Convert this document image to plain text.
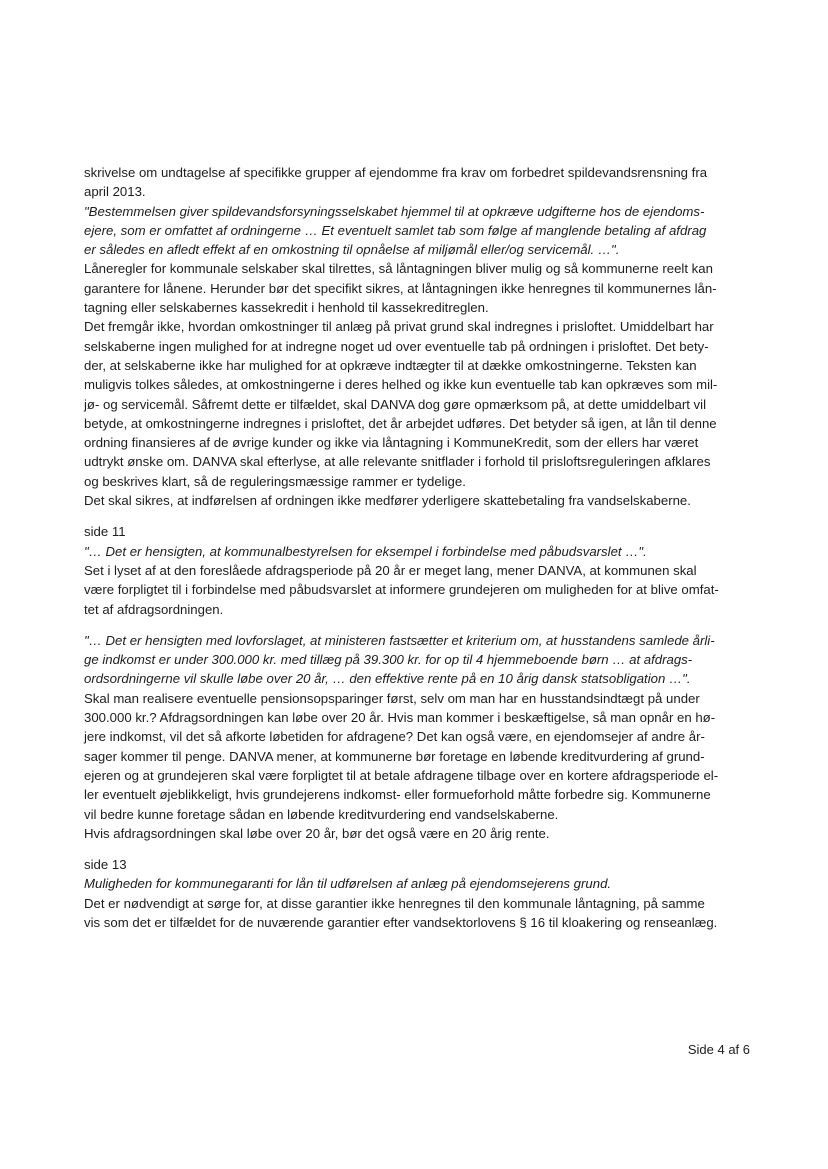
skrivelse om undtagelse af specifikke grupper af ejendomme fra krav om forbedret spildevandsrensning fra

april 2013.

"Bestemmelsen giver spildevandsforsyningsselskabet hjemmel til at opkræve udgifterne hos de ejendoms-

ejere, som er omfattet af ordningerne … Et eventuelt samlet tab som følge af manglende betaling af afdrag

er således en afledt effekt af en omkostning til opnåelse af miljømål eller/og servicemål. …".

Låneregler for kommunale selskaber skal tilrettes, så låntagningen bliver mulig og så kommunerne reelt kan

garantere for lånene. Herunder bør det specifikt sikres, at låntagningen ikke henregnes til kommunernes lån-

tagning eller selskabernes kassekredit i henhold til kassekreditreglen.

Det fremgår ikke, hvordan omkostninger til anlæg på privat grund skal indregnes i prisloftet. Umiddelbart har

selskaberne ingen mulighed for at indregne noget ud over eventuelle tab på ordningen i prisloftet. Det bety-

der, at selskaberne ikke har mulighed for at opkræve indtægter til at dække omkostningerne. Teksten kan

muligvis tolkes således, at omkostningerne i deres helhed og ikke kun eventuelle tab kan opkræves som mil-

jø- og servicemål. Såfremt dette er tilfældet, skal DANVA dog gøre opmærksom på, at dette umiddelbart vil

betyde, at omkostningerne indregnes i prisloftet, det år arbejdet udføres. Det betyder så igen, at lån til denne

ordning finansieres af de øvrige kunder og ikke via låntagning i KommuneKredit, som der ellers har været

udtrykt ønske om. DANVA skal efterlyse, at alle relevante snitflader i forhold til prisloftsreguleringen afklares

og beskrives klart, så de reguleringsmæssige rammer er tydelige.

Det skal sikres, at indførelsen af ordningen ikke medfører yderligere skattebetaling fra vandselskaberne.

side 11

"… Det er hensigten, at kommunalbestyrelsen for eksempel i forbindelse med påbudsvarslet …".

Set i lyset af at den foreslåede afdragsperiode på 20 år er meget lang, mener DANVA, at kommunen skal

være forpligtet til i forbindelse med påbudsvarslet at informere grundejeren om muligheden for at blive omfat-

tet af afdragsordningen.

"… Det er hensigten med lovforslaget, at ministeren fastsætter et kriterium om, at husstandens samlede årli-

ge indkomst er under 300.000 kr. med tillæg på 39.300 kr. for op til 4 hjemmeboende børn … at afdrags-

ordsordningerne vil skulle løbe over 20 år, … den effektive rente på en 10 årig dansk statsobligation …".

Skal man realisere eventuelle pensionsopsparinger først, selv om man har en husstandsindtægt på under

300.000 kr.? Afdragsordningen kan løbe over 20 år. Hvis man kommer i beskæftigelse, så man opnår en hø-

jere indkomst, vil det så afkorte løbetiden for afdragene? Det kan også være, en ejendomsejer af andre år-

sager kommer til penge. DANVA mener, at kommunerne bør foretage en løbende kreditvurdering af grund-

ejeren og at grundejeren skal være forpligtet til at betale afdragene tilbage over en kortere afdragsperiode el-

ler eventuelt øjeblikkeligt, hvis grundejerens indkomst- eller formueforhold måtte forbedre sig. Kommunerne

vil bedre kunne foretage sådan en løbende kreditvurdering end vandselskaberne.

Hvis afdragsordningen skal løbe over 20 år, bør det også være en 20 årig rente.

side 13

Muligheden for kommunegaranti for lån til udførelsen af anlæg på ejendomsejerens grund.

Det er nødvendigt at sørge for, at disse garantier ikke henregnes til den kommunale låntagning, på samme

vis som det er tilfældet for de nuværende garantier efter vandsektorlovens § 16 til kloakering og renseanlæg.

Side 4 af 6
